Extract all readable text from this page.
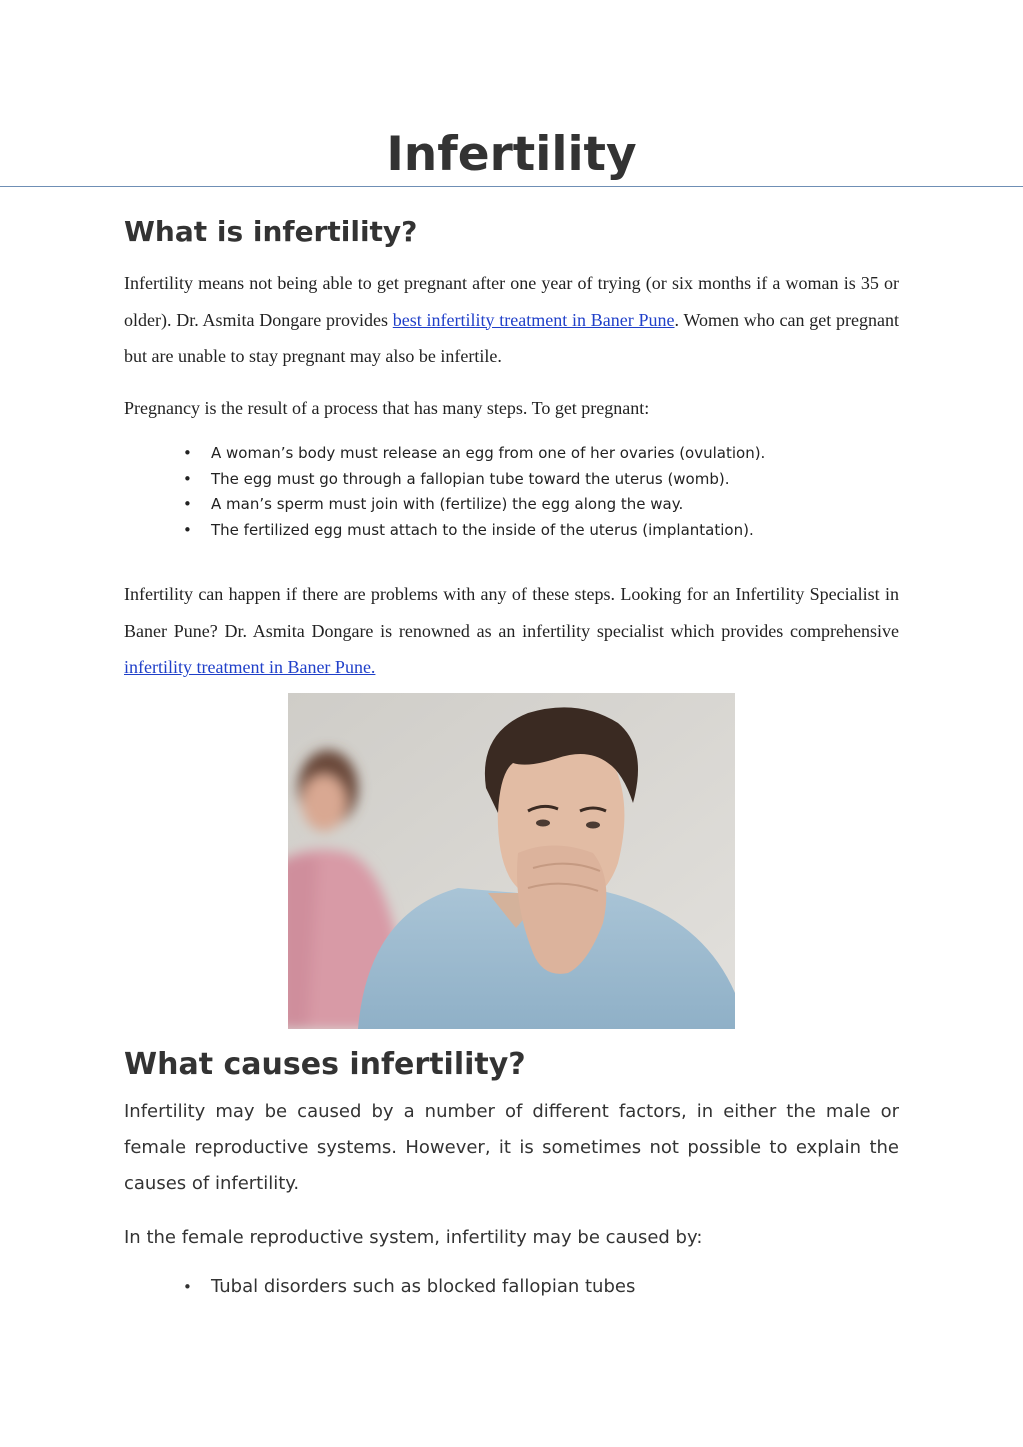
Infertility
What is infertility?

Infertility means not being able to get pregnant after one year of trying (or six months if a woman is 35 or older). Dr. Asmita Dongare provides best infertility treatment in Baner Pune. Women who can get pregnant but are unable to stay pregnant may also be infertile.

Pregnancy is the result of a process that has many steps. To get pregnant:

• A woman’s body must release an egg from one of her ovaries (ovulation).
• The egg must go through a fallopian tube toward the uterus (womb).
• A man’s sperm must join with (fertilize) the egg along the way.
• The fertilized egg must attach to the inside of the uterus (implantation).

Infertility can happen if there are problems with any of these steps. Looking for an Infertility Specialist in Baner Pune? Dr. Asmita Dongare is renowned as an infertility specialist which provides comprehensive infertility treatment in Baner Pune.

What causes infertility?

Infertility may be caused by a number of different factors, in either the male or female reproductive systems. However, it is sometimes not possible to explain the causes of infertility.

In the female reproductive system, infertility may be caused by:

• Tubal disorders such as blocked fallopian tubes
